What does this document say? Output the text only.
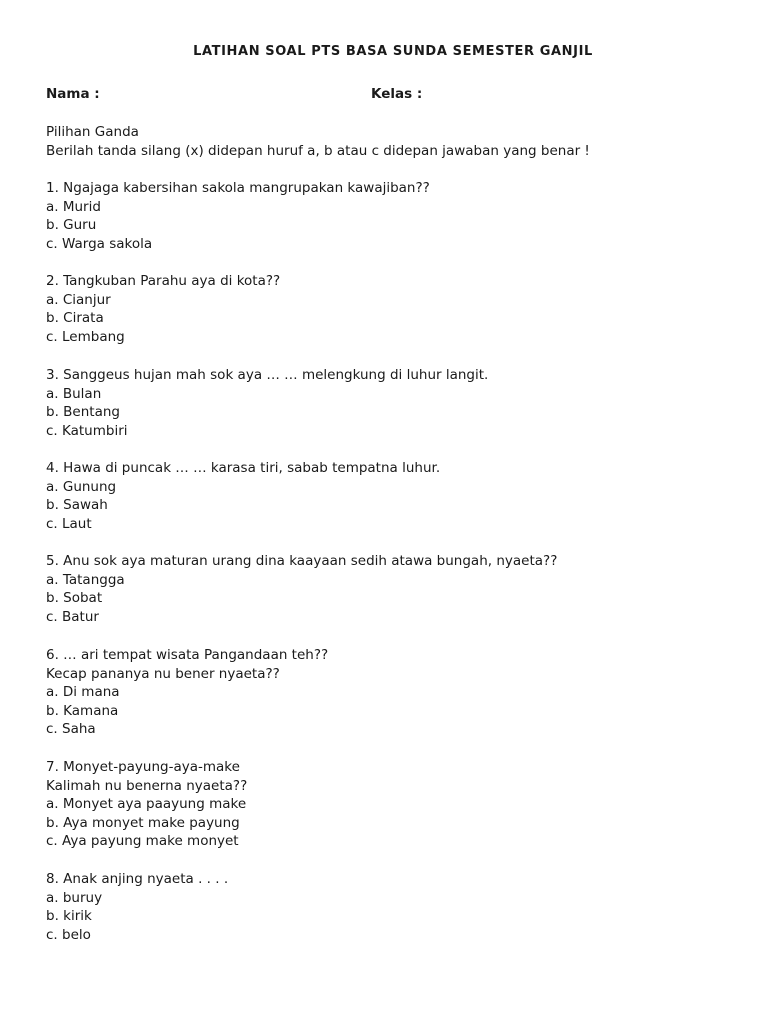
LATIHAN SOAL PTS BASA SUNDA SEMESTER GANJIL
Nama :	Kelas :
Pilihan Ganda
Berilah tanda silang (x) didepan huruf a, b atau c didepan jawaban yang benar !
1. Ngajaga kabersihan sakola mangrupakan kawajiban??
a. Murid
b. Guru
c. Warga sakola
2. Tangkuban Parahu aya di kota??
a. Cianjur
b. Cirata
c. Lembang
3. Sanggeus hujan mah sok aya … … melengkung di luhur langit.
a. Bulan
b. Bentang
c. Katumbiri
4. Hawa di puncak … … karasa tiri, sabab tempatna luhur.
a. Gunung
b. Sawah
c. Laut
5. Anu sok aya maturan urang dina kaayaan sedih atawa bungah, nyaeta??
a. Tatangga
b. Sobat
c. Batur
6. … ari tempat wisata Pangandaan teh??
Kecap pananya nu bener nyaeta??
a. Di mana
b. Kamana
c. Saha
7. Monyet-payung-aya-make
Kalimah nu benerna nyaeta??
a. Monyet aya paayung make
b. Aya monyet make payung
c. Aya payung make monyet
8. Anak anjing nyaeta . . . .
a. buruy
b. kirik
c. belo
